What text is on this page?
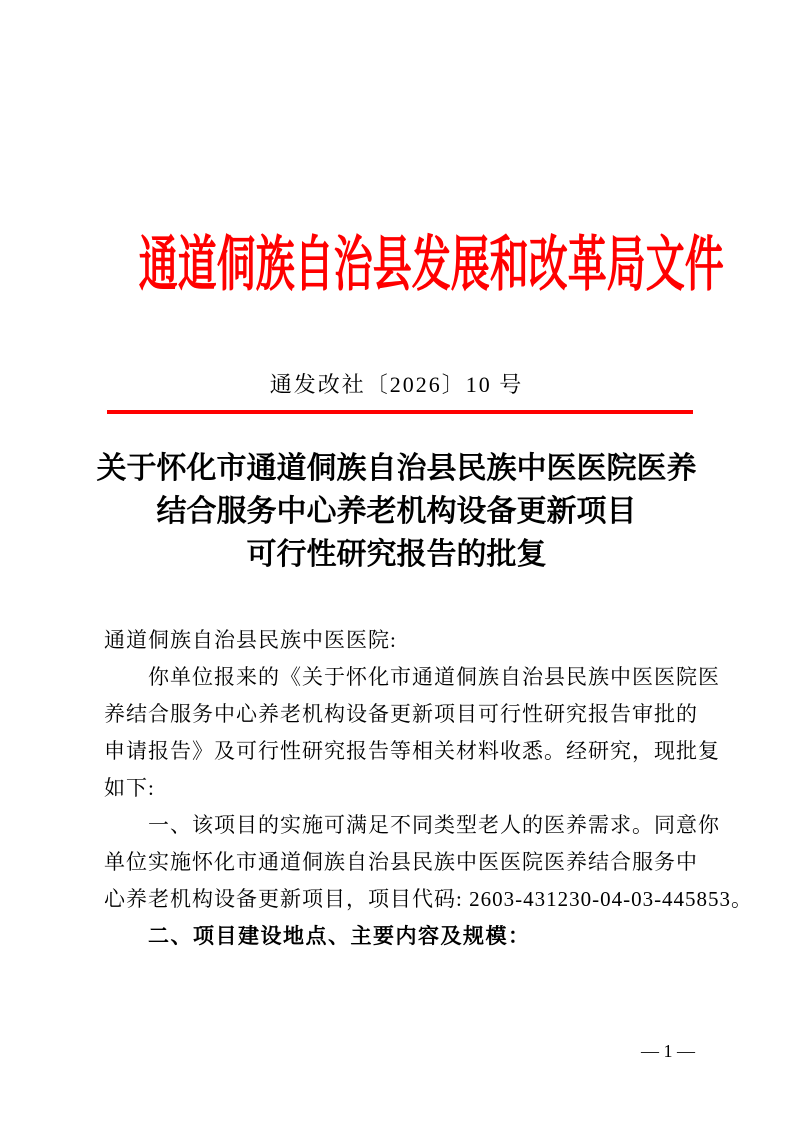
通道侗族自治县发展和改革局文件
通发改社〔2026〕10 号
关于怀化市通道侗族自治县民族中医医院医养
结合服务中心养老机构设备更新项目
可行性研究报告的批复
通道侗族自治县民族中医医院:
你单位报来的《关于怀化市通道侗族自治县民族中医医院医
养结合服务中心养老机构设备更新项目可行性研究报告审批的
申请报告》及可行性研究报告等相关材料收悉。经研究，现批复
如下:
一、该项目的实施可满足不同类型老人的医养需求。同意你
单位实施怀化市通道侗族自治县民族中医医院医养结合服务中
心养老机构设备更新项目，项目代码: 2603-431230-04-03-445853。
二、项目建设地点、主要内容及规模：
— 1 —
